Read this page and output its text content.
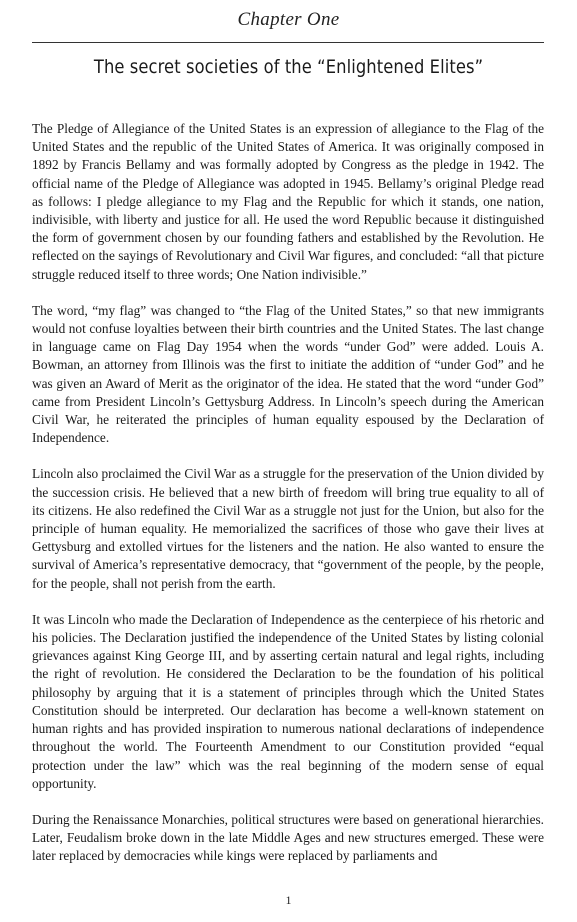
Chapter One
The secret societies of the “Enlightened Elites”

The Pledge of Allegiance of the United States is an expression of allegiance to the Flag of the United States and the republic of the United States of America. It was originally composed in 1892 by Francis Bellamy and was formally adopted by Congress as the pledge in 1942. The official name of the Pledge of Allegiance was adopted in 1945. Bellamy’s original Pledge read as follows: I pledge allegiance to my Flag and the Republic for which it stands, one nation, indivisible, with liberty and justice for all. He used the word Republic because it distinguished the form of government chosen by our founding fathers and established by the Revolution. He reflected on the sayings of Revolutionary and Civil War figures, and concluded: “all that picture struggle reduced itself to three words; One Nation indivisible.”

The word, “my flag” was changed to “the Flag of the United States,” so that new immigrants would not confuse loyalties between their birth countries and the United States. The last change in language came on Flag Day 1954 when the words “under God” were added. Louis A. Bowman, an attorney from Illinois was the first to initiate the addition of “under God” and he was given an Award of Merit as the originator of the idea. He stated that the word “under God” came from President Lincoln’s Gettysburg Address. In Lincoln’s speech during the American Civil War, he reiterated the principles of human equality espoused by the Declaration of Independence.

Lincoln also proclaimed the Civil War as a struggle for the preservation of the Union divided by the succession crisis. He believed that a new birth of freedom will bring true equality to all of its citizens. He also redefined the Civil War as a struggle not just for the Union, but also for the principle of human equality. He memorialized the sacrifices of those who gave their lives at Gettysburg and extolled virtues for the listeners and the nation. He also wanted to ensure the survival of America’s representative democracy, that “government of the people, by the people, for the people, shall not perish from the earth.

It was Lincoln who made the Declaration of Independence as the centerpiece of his rhetoric and his policies. The Declaration justified the independence of the United States by listing colonial grievances against King George III, and by asserting certain natural and legal rights, including the right of revolution. He considered the Declaration to be the foundation of his political philosophy by arguing that it is a statement of principles through which the United States Constitution should be interpreted. Our declaration has become a well-known statement on human rights and has provided inspiration to numerous national declarations of independence throughout the world. The Fourteenth Amendment to our Constitution provided “equal protection under the law” which was the real beginning of the modern sense of equal opportunity.

During the Renaissance Monarchies, political structures were based on generational hierarchies. Later, Feudalism broke down in the late Middle Ages and new structures emerged. These were later replaced by democracies while kings were replaced by parliaments and

1
